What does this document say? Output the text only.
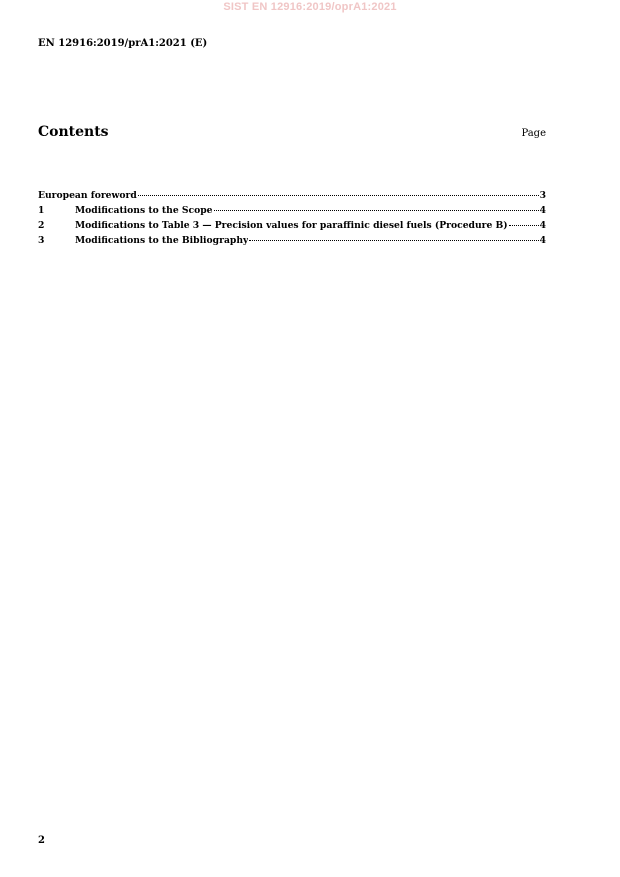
SIST EN 12916:2019/oprA1:2021
EN 12916:2019/prA1:2021 (E)
Contents	Page
European foreword	3
1	Modifications to the Scope	4
2	Modifications to Table 3 — Precision values for paraffinic diesel fuels (Procedure B)	4
3	Modifications to the Bibliography	4
2
